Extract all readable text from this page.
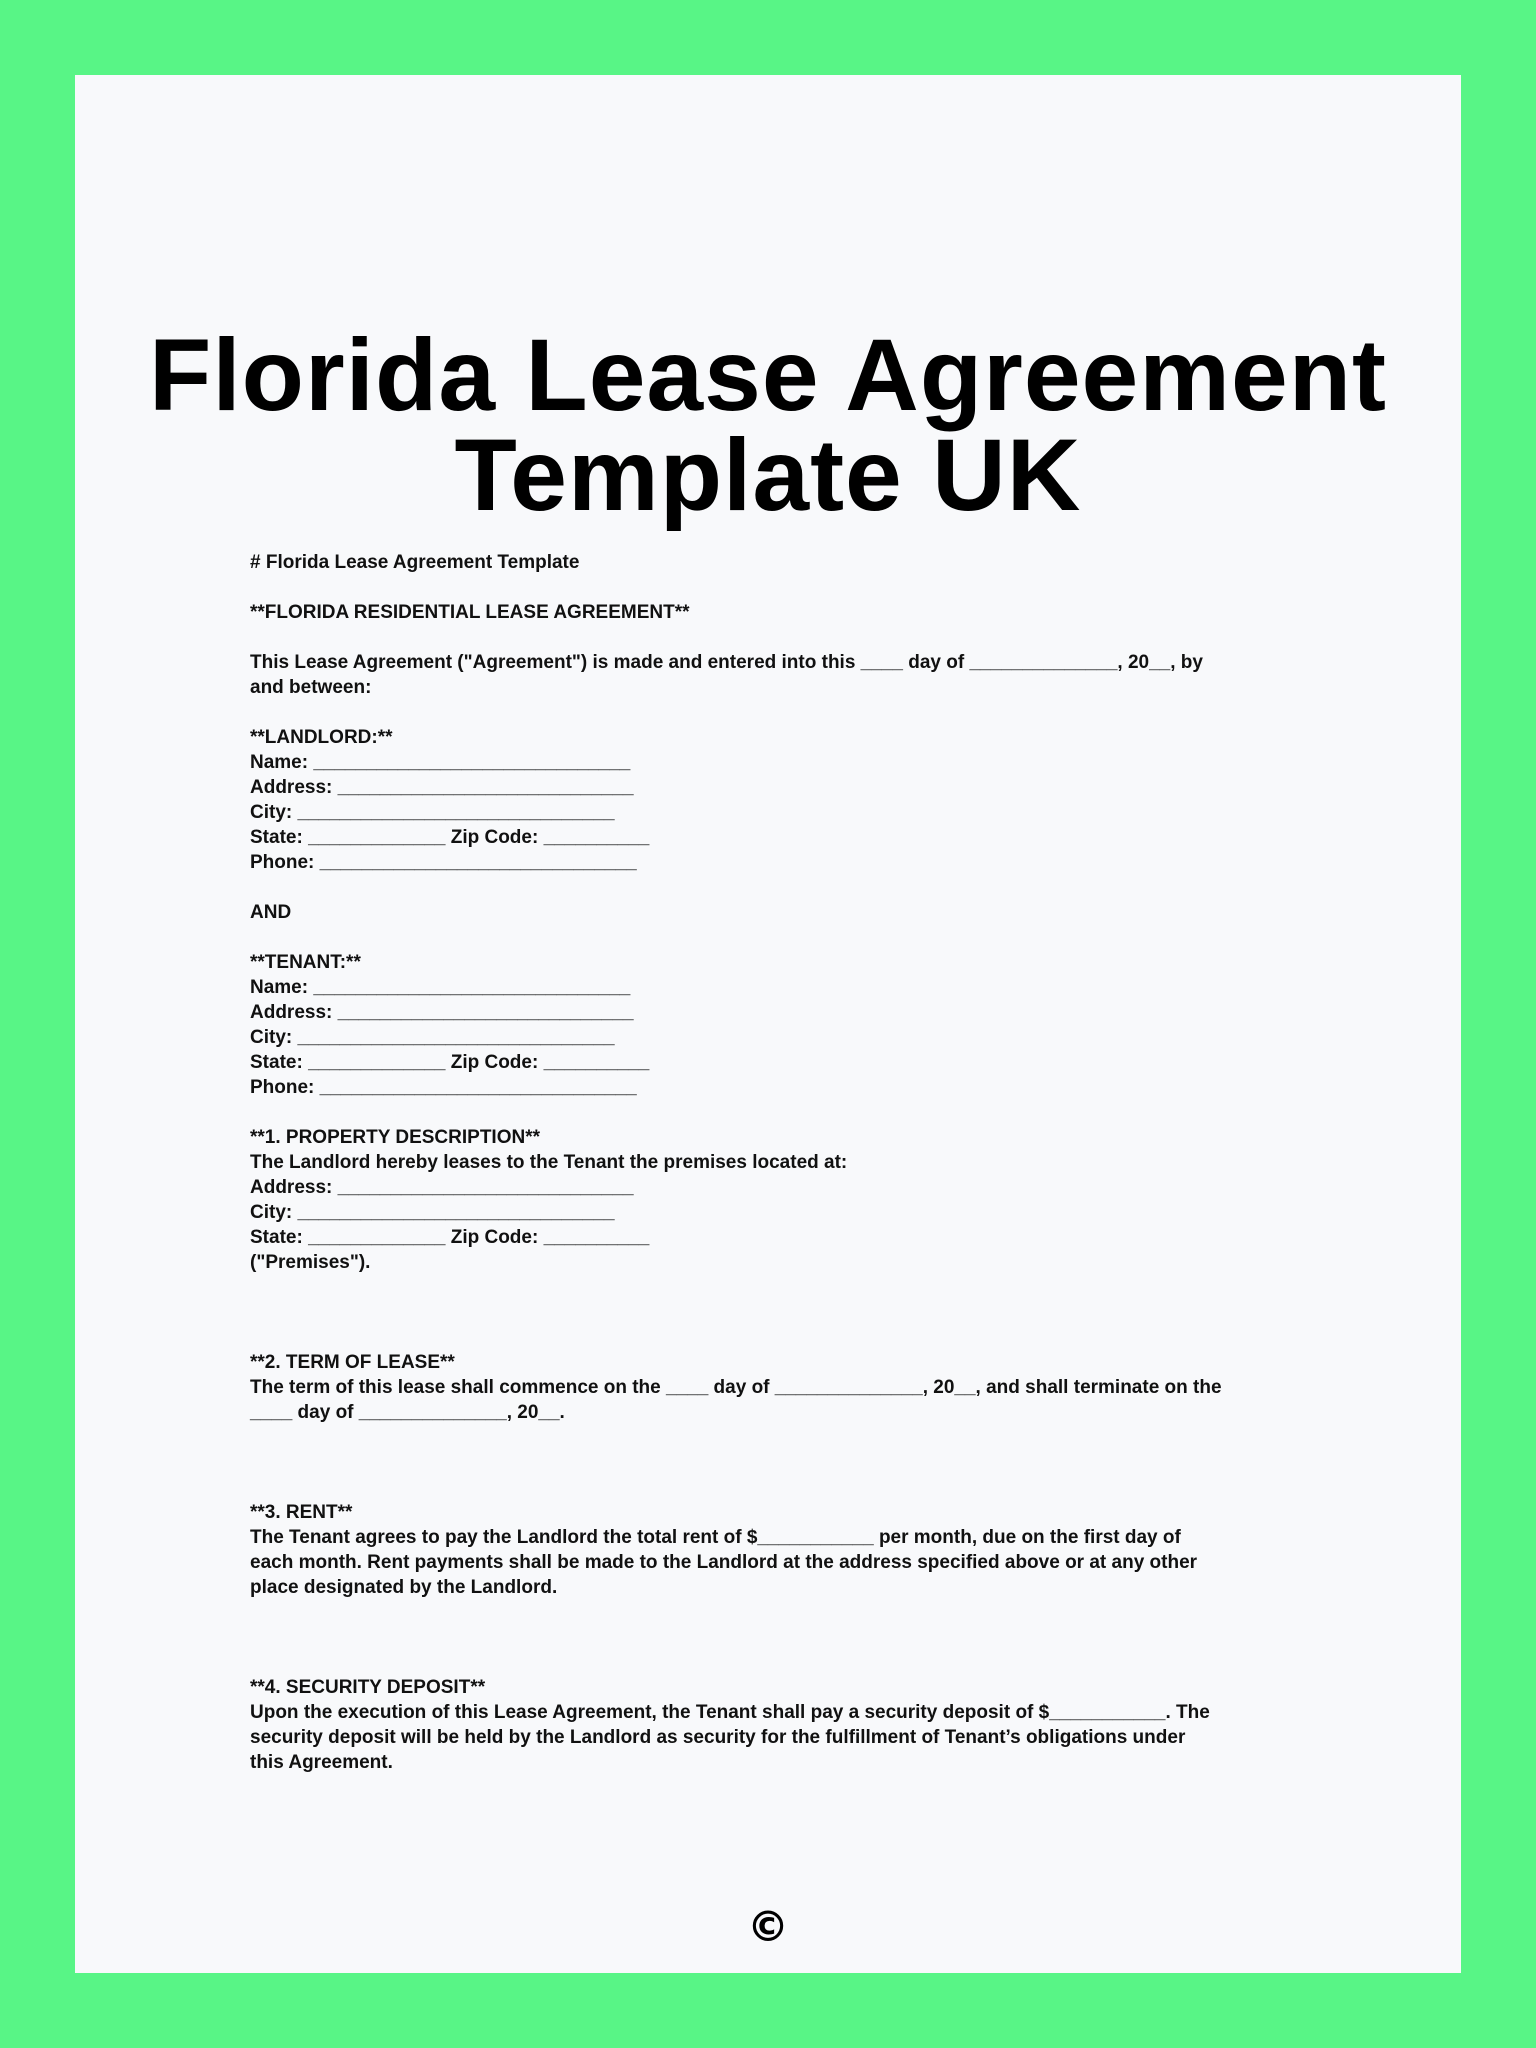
Florida Lease Agreement
Template UK
# Florida Lease Agreement Template
**FLORIDA RESIDENTIAL LEASE AGREEMENT**
This Lease Agreement ("Agreement") is made and entered into this ____ day of ______________, 20__, by
and between:
**LANDLORD:**
Name: ______________________________
Address: ____________________________
City: ______________________________
State: _____________ Zip Code: __________
Phone: ______________________________
AND
**TENANT:**
Name: ______________________________
Address: ____________________________
City: ______________________________
State: _____________ Zip Code: __________
Phone: ______________________________
**1. PROPERTY DESCRIPTION**
The Landlord hereby leases to the Tenant the premises located at:
Address: ____________________________
City: ______________________________
State: _____________ Zip Code: __________
("Premises").
**2. TERM OF LEASE**
The term of this lease shall commence on the ____ day of ______________, 20__, and shall terminate on the
____ day of ______________, 20__.
**3. RENT**
The Tenant agrees to pay the Landlord the total rent of $___________ per month, due on the first day of
each month. Rent payments shall be made to the Landlord at the address specified above or at any other
place designated by the Landlord.
**4. SECURITY DEPOSIT**
Upon the execution of this Lease Agreement, the Tenant shall pay a security deposit of $___________. The
security deposit will be held by the Landlord as security for the fulfillment of Tenant’s obligations under
this Agreement.
©
